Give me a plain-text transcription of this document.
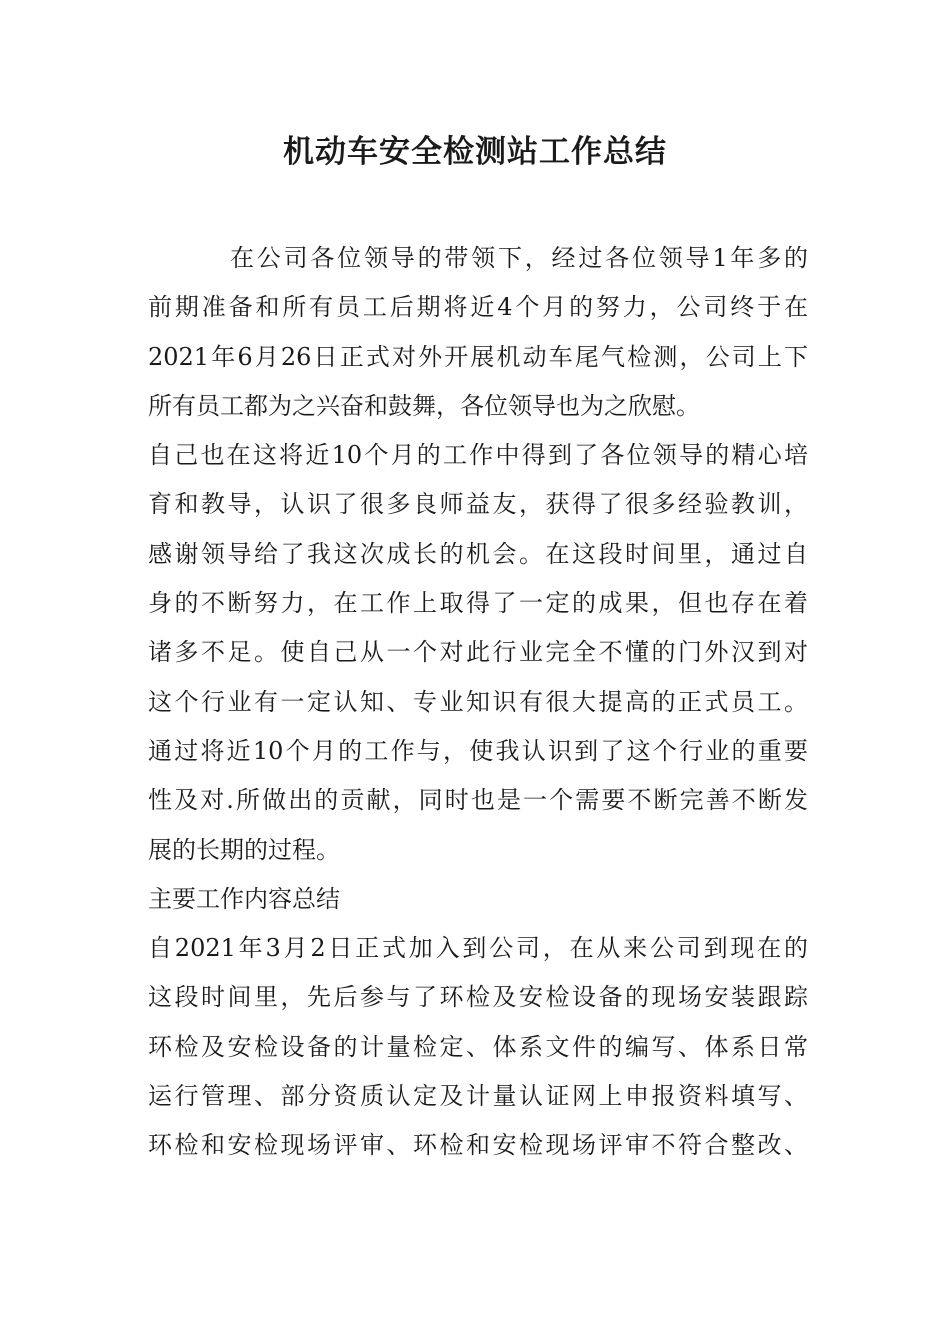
机动车安全检测站工作总结
在公司各位领导的带领下，经过各位领导1年多的
前期准备和所有员工后期将近4个月的努力，公司终于在
2021年6月26日正式对外开展机动车尾气检测，公司上下
所有员工都为之兴奋和鼓舞，各位领导也为之欣慰。
自己也在这将近10个月的工作中得到了各位领导的精心培
育和教导，认识了很多良师益友，获得了很多经验教训，
感谢领导给了我这次成长的机会。在这段时间里，通过自
身的不断努力，在工作上取得了一定的成果，但也存在着
诸多不足。使自己从一个对此行业完全不懂的门外汉到对
这个行业有一定认知、专业知识有很大提高的正式员工。
通过将近10个月的工作与，使我认识到了这个行业的重要
性及对.所做出的贡献，同时也是一个需要不断完善不断发
展的长期的过程。
主要工作内容总结
自2021年3月2日正式加入到公司，在从来公司到现在的
这段时间里，先后参与了环检及安检设备的现场安装跟踪
环检及安检设备的计量检定、体系文件的编写、体系日常
运行管理、部分资质认定及计量认证网上申报资料填写、
环检和安检现场评审、环检和安检现场评审不符合整改、
